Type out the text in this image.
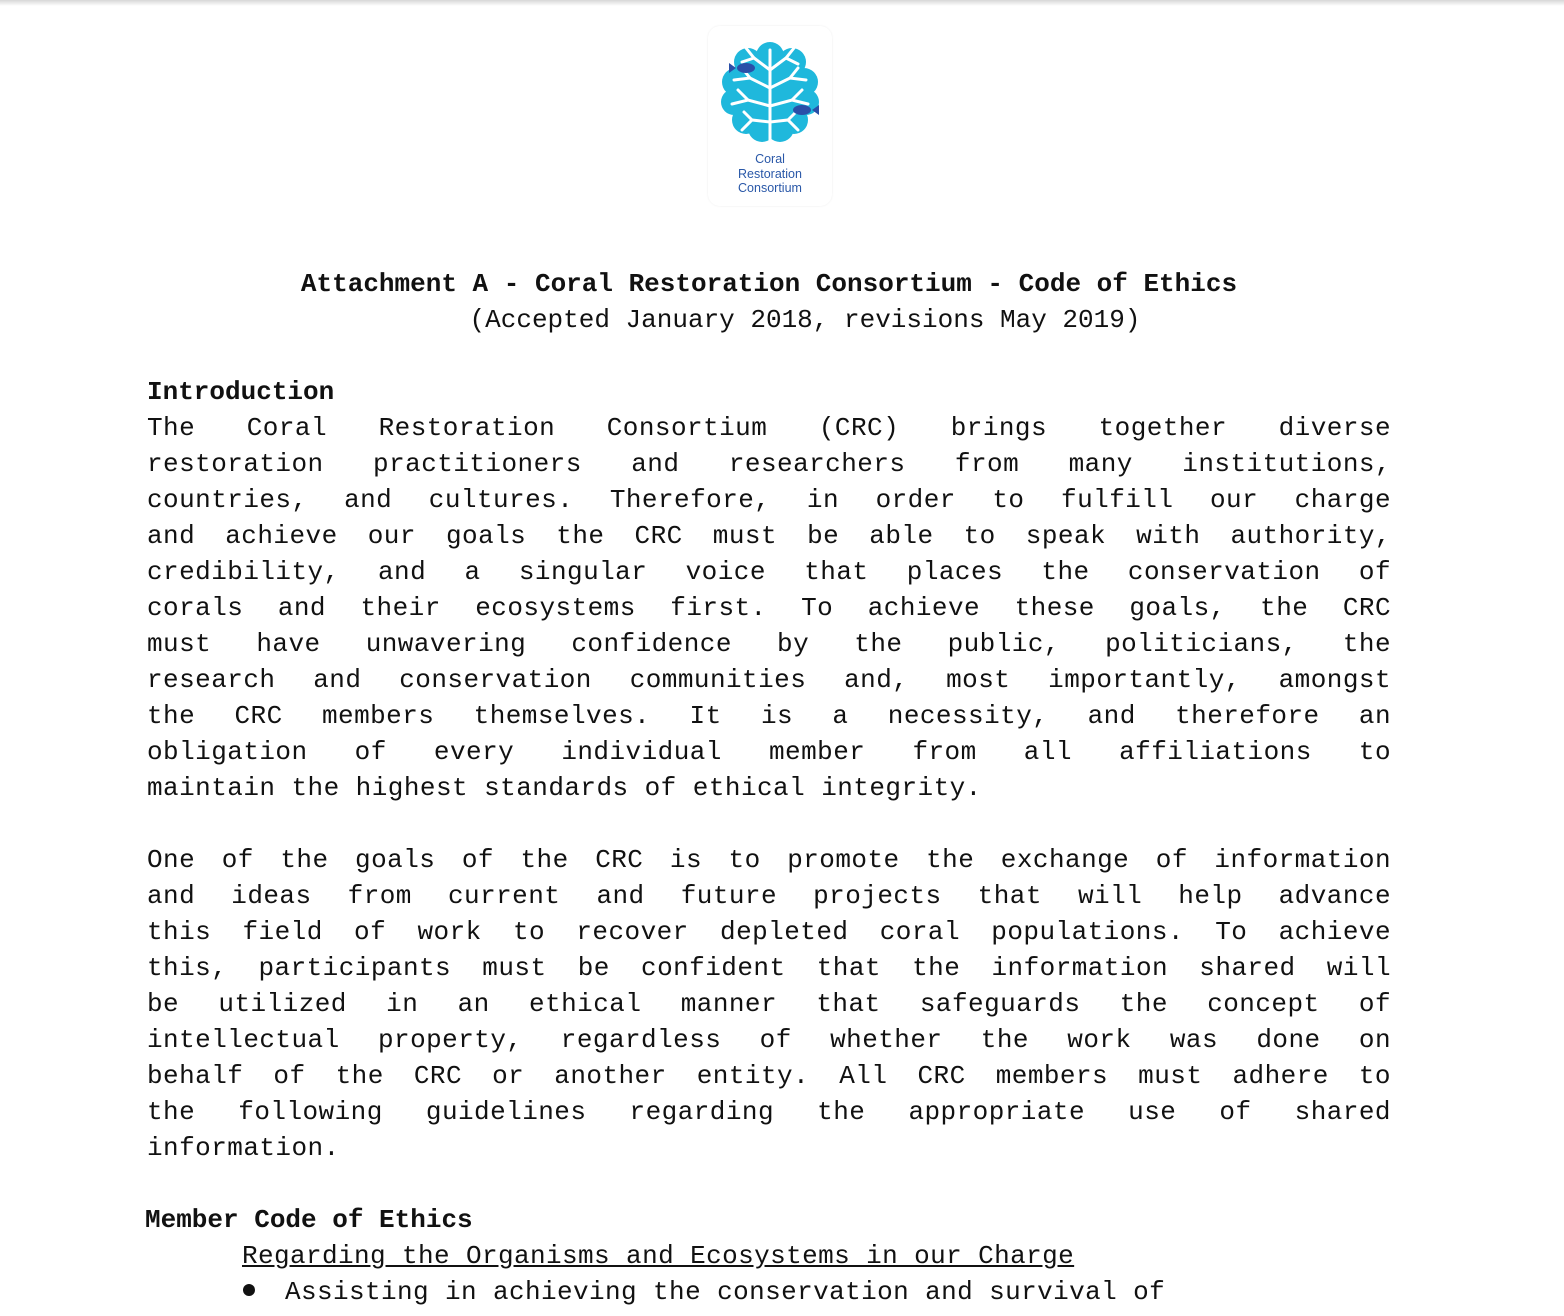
Coral
Restoration
Consortium
Attachment A - Coral Restoration Consortium - Code of Ethics
(Accepted January 2018, revisions May 2019)
Introduction
The Coral Restoration Consortium (CRC) brings together diverse
restoration practitioners and researchers from many institutions,
countries, and cultures. Therefore, in order to fulfill our charge
and achieve our goals the CRC must be able to speak with authority,
credibility, and a singular voice that places the conservation of
corals and their ecosystems first. To achieve these goals, the CRC
must have unwavering confidence by the public, politicians, the
research and conservation communities and, most importantly, amongst
the CRC members themselves. It is a necessity, and therefore an
obligation of every individual member from all affiliations to
maintain the highest standards of ethical integrity.
One of the goals of the CRC is to promote the exchange of information
and ideas from current and future projects that will help advance
this field of work to recover depleted coral populations. To achieve
this, participants must be confident that the information shared will
be utilized in an ethical manner that safeguards the concept of
intellectual property, regardless of whether the work was done on
behalf of the CRC or another entity. All CRC members must adhere to
the following guidelines regarding the appropriate use of shared
information.
Member Code of Ethics
Regarding the Organisms and Ecosystems in our Charge
Assisting in achieving the conservation and survival of
